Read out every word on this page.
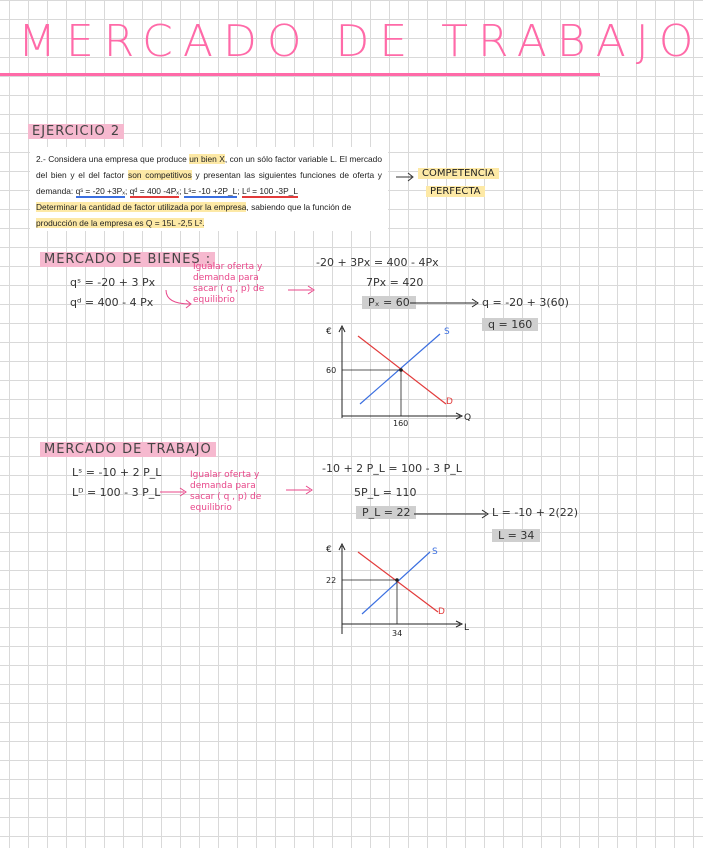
MERCADO DE TRABAJO
EJERCICIO 2
2.- Considera una empresa que produce un bien X, con un sólo factor variable L. El mercado del bien y el del factor son competitivos y presentan las siguientes funciones de oferta y demanda: qˢ = -20 +3Pₓ; qᵈ = 400 -4Pₓ; Lˢ= -10 +2P_L; Lᵈ = 100 -3P_L
Determinar la cantidad de factor utilizada por la empresa, sabiendo que la función de
producción de la empresa es Q = 15L -2,5 L².
COMPETENCIA
PERFECTA
MERCADO DE BIENES :
qˢ = -20 + 3 Px
qᵈ = 400 - 4 Px
Igualar oferta y
demanda para
sacar ( q , p) de
equilibrio
-20 + 3Px = 400 - 4Px
7Px = 420
Pₓ = 60	q = -20 + 3(60)
q = 160
€
Q
S
D
60
160
MERCADO DE TRABAJO
Lˢ = -10 + 2 P_L
Lᴰ = 100 - 3 P_L
Igualar oferta y
demanda para
sacar ( q , p) de
equilibrio
-10 + 2 P_L = 100 - 3 P_L
5P_L = 110
P_L = 22	L = -10 + 2(22)
L = 34
€
L
S
D
22
34
